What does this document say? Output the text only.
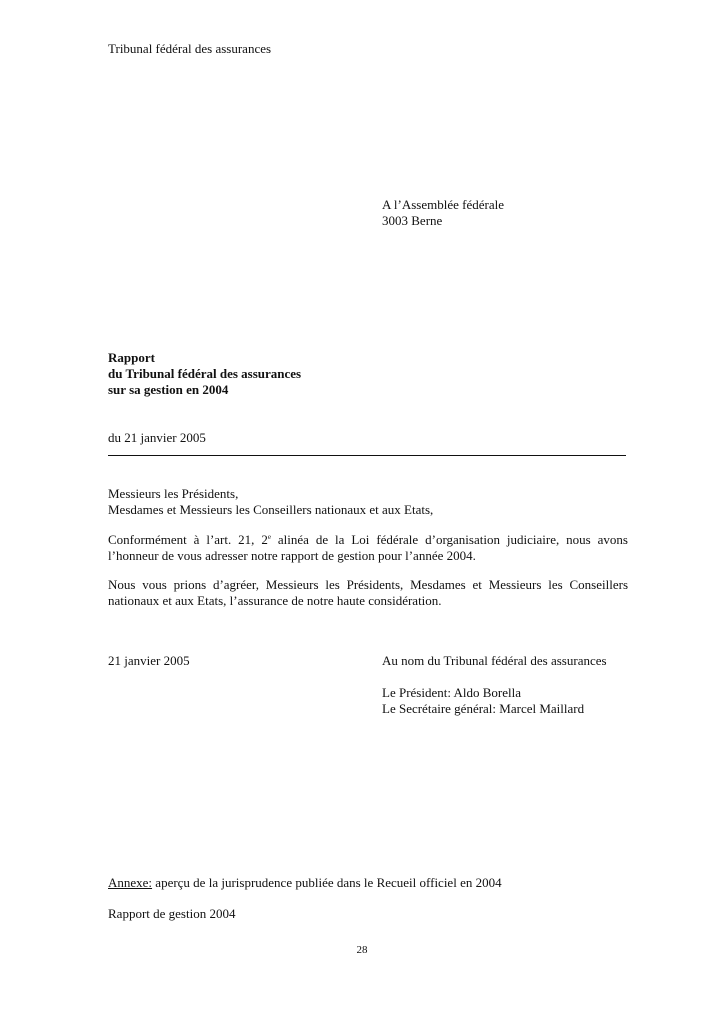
Tribunal fédéral des assurances

A l’Assemblée fédérale
3003 Berne
Rapport
du Tribunal fédéral des assurances
sur sa gestion en 2004

du 21 janvier 2005

Messieurs les Présidents,
Mesdames et Messieurs les Conseillers nationaux et aux Etats,

Conformément à l’art. 21, 2e alinéa de la Loi fédérale d’organisation judiciaire, nous avons l’honneur de vous adresser notre rapport de gestion pour l’année 2004.

Nous vous prions d’agréer, Messieurs les Présidents, Mesdames et Messieurs les Conseillers nationaux et aux Etats, l’assurance de notre haute considération.

21 janvier 2005	Au nom du Tribunal fédéral des assurances
Le Président: Aldo Borella
Le Secrétaire général: Marcel Maillard

Annexe: aperçu de la jurisprudence publiée dans le Recueil officiel en 2004

Rapport de gestion 2004

28
